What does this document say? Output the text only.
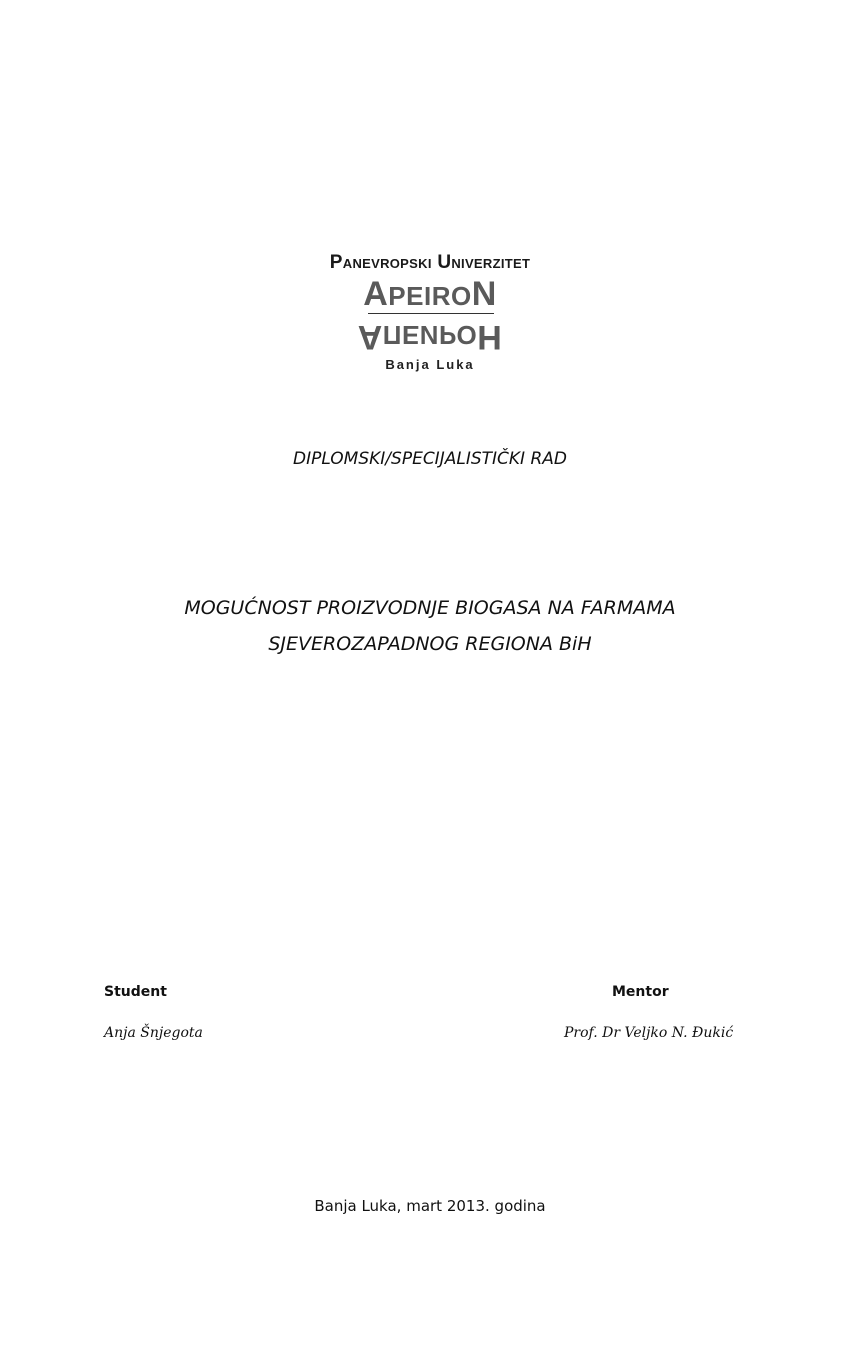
Panevropski Univerzitet
APEIRON
AПЕИРОН
Banja Luka
DIPLOMSKI/SPECIJALISTIČKI RAD
MOGUĆNOST PROIZVODNJE BIOGASA NA FARMAMA
SJEVEROZAPADNOG REGIONA BiH
Student	Mentor
Anja Šnjegota	Prof. Dr Veljko N. Đukić
Banja Luka, mart 2013. godina
